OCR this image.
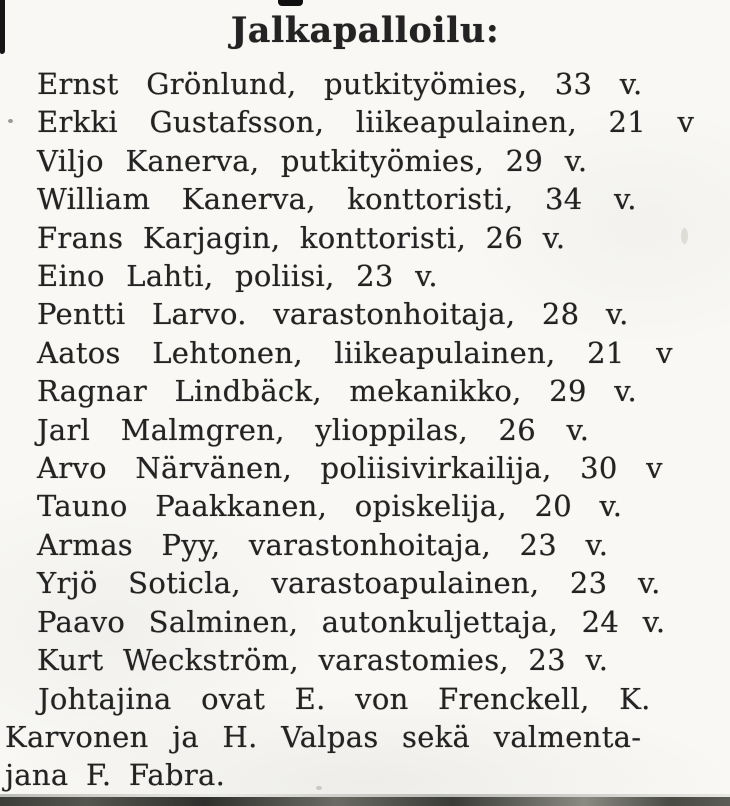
Jalkapalloilu:
Ernst Grönlund, putkityömies, 33 v.
Erkki Gustafsson, liikeapulainen, 21 v
Viljo Kanerva, putkityömies, 29 v.
William Kanerva, konttoristi, 34 v.
Frans Karjagin, konttoristi, 26 v.
Eino Lahti, poliisi, 23 v.
Pentti Larvo. varastonhoitaja, 28 v.
Aatos Lehtonen, liikeapulainen, 21 v
Ragnar Lindbäck, mekanikko, 29 v.
Jarl Malmgren, ylioppilas, 26 v.
Arvo Närvänen, poliisivirkailija, 30 v
Tauno Paakkanen, opiskelija, 20 v.
Armas Pyy, varastonhoitaja, 23 v.
Yrjö Soticla, varastoapulainen, 23 v.
Paavo Salminen, autonkuljettaja, 24 v.
Kurt Weckström, varastomies, 23 v.
Johtajina ovat E. von Frenckell, K.
Karvonen ja H. Valpas sekä valmenta-
jana F. Fabra.
